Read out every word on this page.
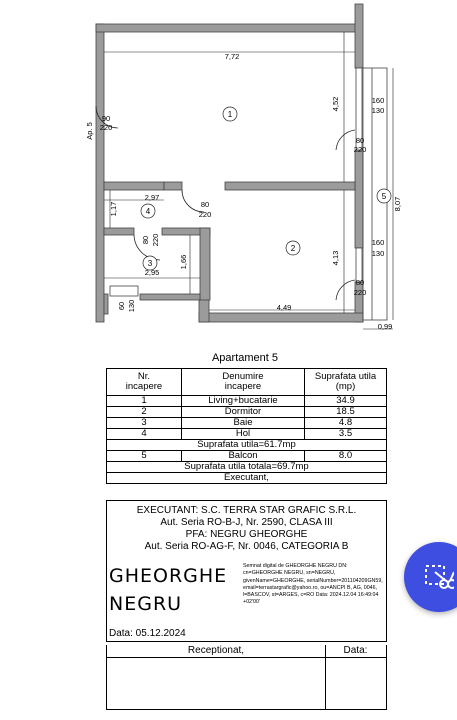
1
2
3
4
5
7,72
Ap. 5
90
220
4,52	160
130
80
220
8,07
2,97
1,17	80
220
80 220
1,66
2,95
4,13
160
130
80
220
4,49
0,99
60 130
Apartament 5
Nr.
incapere	Denumire
incapere	Suprafata utila
(mp)
1	Living+bucatarie	34.9
2	Dormitor	18.5
3	Baie	4.8
4	Hol	3.5
Suprafata utila=61.7mp		
5	Balcon	8.0
Suprafata utila totala=69.7mp		
Executant,		
EXECUTANT: S.C. TERRA STAR GRAFIC S.R.L.
Aut. Seria RO-B-J, Nr. 2590, CLASA III
PFA: NEGRU GHEORGHE
Aut. Seria RO-AG-F, Nr. 0046, CATEGORIA B
GHEORGHE
NEGRU
Semnat digital de GHEORGHE NEGRU DN: cn=GHEORGHE NEGRU, sn=NEGRU, givenName=GHEORGHE, serialNumber=201104209GN59, email=terrastargrafic@yahoo.ro, ou=ANCPI B, AG, 0046, l=BASCOV, st=ARGES, c=RO Data: 2024.12.04 16:49:04 +02'00'
Data: 05.12.2024
Receptionat,	Data:
